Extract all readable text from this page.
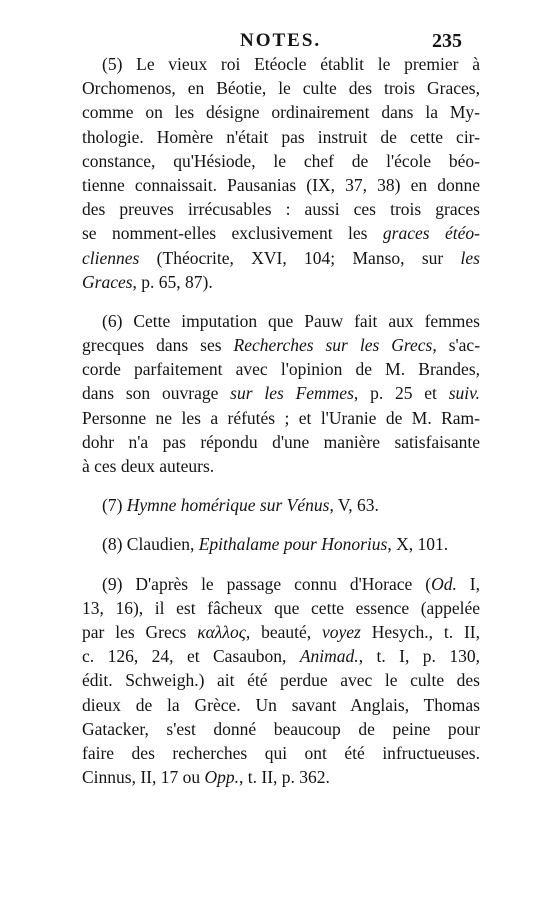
NOTES.	235
(5) Le vieux roi Etéocle établit le premier à
Orchomenos, en Béotie, le culte des trois Graces,
comme on les désigne ordinairement dans la My-
thologie. Homère n'était pas instruit de cette cir-
constance, qu'Hésiode, le chef de l'école béo-
tienne connaissait. Pausanias (IX, 37, 38) en donne
des preuves irrécusables : aussi ces trois graces
se nomment-elles exclusivement les graces étéo-
cliennes (Théocrite, XVI, 104; Manso, sur les
Graces, p. 65, 87).
(6) Cette imputation que Pauw fait aux femmes
grecques dans ses Recherches sur les Grecs, s'ac-
corde parfaitement avec l'opinion de M. Brandes,
dans son ouvrage sur les Femmes, p. 25 et suiv.
Personne ne les a réfutés ; et l'Uranie de M. Ram-
dohr n'a pas répondu d'une manière satisfaisante
à ces deux auteurs.
(7) Hymne homérique sur Vénus, V, 63.
(8) Claudien, Epithalame pour Honorius, X, 101.
(9) D'après le passage connu d'Horace (Od. I,
13, 16), il est fâcheux que cette essence (appelée
par les Grecs καλλος, beauté, voyez Hesych., t. II,
c. 126, 24, et Casaubon, Animad., t. I, p. 130,
édit. Schweigh.) ait été perdue avec le culte des
dieux de la Grèce. Un savant Anglais, Thomas
Gatacker, s'est donné beaucoup de peine pour
faire des recherches qui ont été infructueuses.
Cinnus, II, 17 ou Opp., t. II, p. 362.
